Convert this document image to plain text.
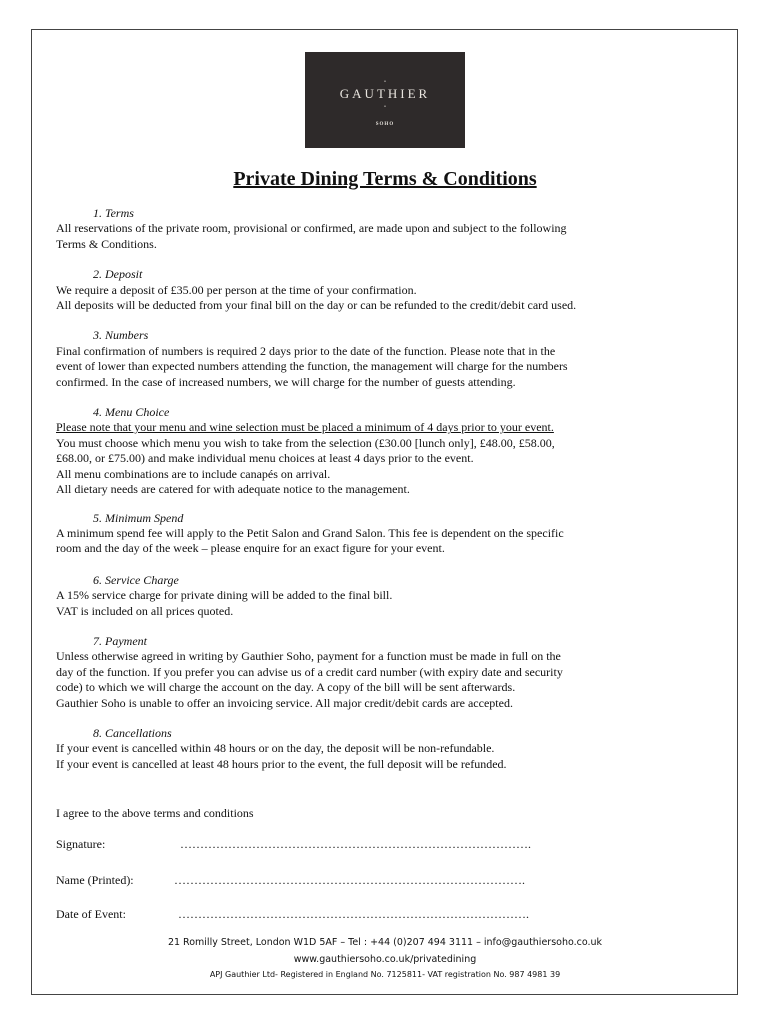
•
GAUTHIER
•
SOHO
Private Dining Terms & Conditions
1. Terms
All reservations of the private room, provisional or confirmed, are made upon and subject to the following
Terms & Conditions.
2. Deposit
We require a deposit of £35.00 per person at the time of your confirmation.
All deposits will be deducted from your final bill on the day or can be refunded to the credit/debit card used.
3. Numbers
Final confirmation of numbers is required 2 days prior to the date of the function. Please note that in the
event of lower than expected numbers attending the function, the management will charge for the numbers
confirmed. In the case of increased numbers, we will charge for the number of guests attending.
4. Menu Choice
Please note that your menu and wine selection must be placed a minimum of 4 days prior to your event.
You must choose which menu you wish to take from the selection (£30.00 [lunch only], £48.00, £58.00,
£68.00, or £75.00) and make individual menu choices at least 4 days prior to the event.
All menu combinations are to include canapés on arrival.
All dietary needs are catered for with adequate notice to the management.
5. Minimum Spend
A minimum spend fee will apply to the Petit Salon and Grand Salon. This fee is dependent on the specific
room and the day of the week – please enquire for an exact figure for your event.
6. Service Charge
A 15% service charge for private dining will be added to the final bill.
VAT is included on all prices quoted.
7. Payment
Unless otherwise agreed in writing by Gauthier Soho, payment for a function must be made in full on the
day of the function. If you prefer you can advise us of a credit card number (with expiry date and security
code) to which we will charge the account on the day. A copy of the bill will be sent afterwards.
Gauthier Soho is unable to offer an invoicing service. All major credit/debit cards are accepted.
8. Cancellations
If your event is cancelled within 48 hours or on the day, the deposit will be non-refundable.
If your event is cancelled at least 48 hours prior to the event, the full deposit will be refunded.
I agree to the above terms and conditions
Signature:	…………………………………………………………………………….
Name (Printed):	…………………………………………………………………………….
Date of Event:	…………………………………………………………………………….
21 Romilly Street, London W1D 5AF – Tel : +44 (0)207 494 3111 – info@gauthiersoho.co.uk
www.gauthiersoho.co.uk/privatedining
APJ Gauthier Ltd- Registered in England No. 7125811- VAT registration No. 987 4981 39
